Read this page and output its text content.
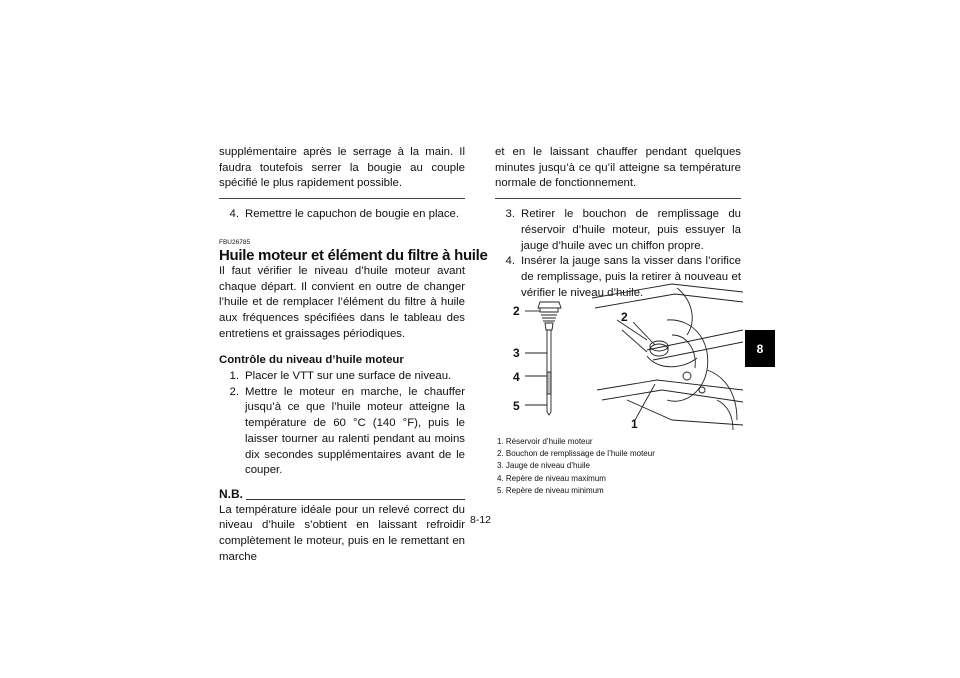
supplémentaire après le serrage à la main. Il faudra toutefois serrer la bougie au couple spécifié le plus rapidement possible.

4. Remettre le capuchon de bougie en place.
FBU26785
Huile moteur et élément du filtre à huile

Il faut vérifier le niveau d’huile moteur avant chaque départ. Il convient en outre de changer l’huile et de remplacer l’élément du filtre à huile aux fréquences spécifiées dans le tableau des entretiens et graissages périodiques.

Contrôle du niveau d’huile moteur
1. Placer le VTT sur une surface de niveau.
2. Mettre le moteur en marche, le chauffer jusqu’à ce que l’huile moteur atteigne la température de 60 °C (140 °F), puis le laisser tourner au ralenti pendant au moins dix secondes supplémentaires avant de le couper.
N.B.

La température idéale pour un relevé correct du niveau d’huile s’obtient en laissant refroidir complètement le moteur, puis en le remettant en marche

et en le laissant chauffer pendant quelques minutes jusqu’à ce qu’il atteigne sa température normale de fonctionnement.

3. Retirer le bouchon de remplissage du réservoir d’huile moteur, puis essuyer la jauge d’huile avec un chiffon propre.
4. Insérer la jauge sans la visser dans l’orifice de remplissage, puis la retirer à nouveau et vérifier le niveau d’huile.
2
3
4
5
2
1
1. Réservoir d’huile moteur
2. Bouchon de remplissage de l’huile moteur
3. Jauge de niveau d’huile
4. Repère de niveau maximum
5. Repère de niveau minimum
8
8-12
